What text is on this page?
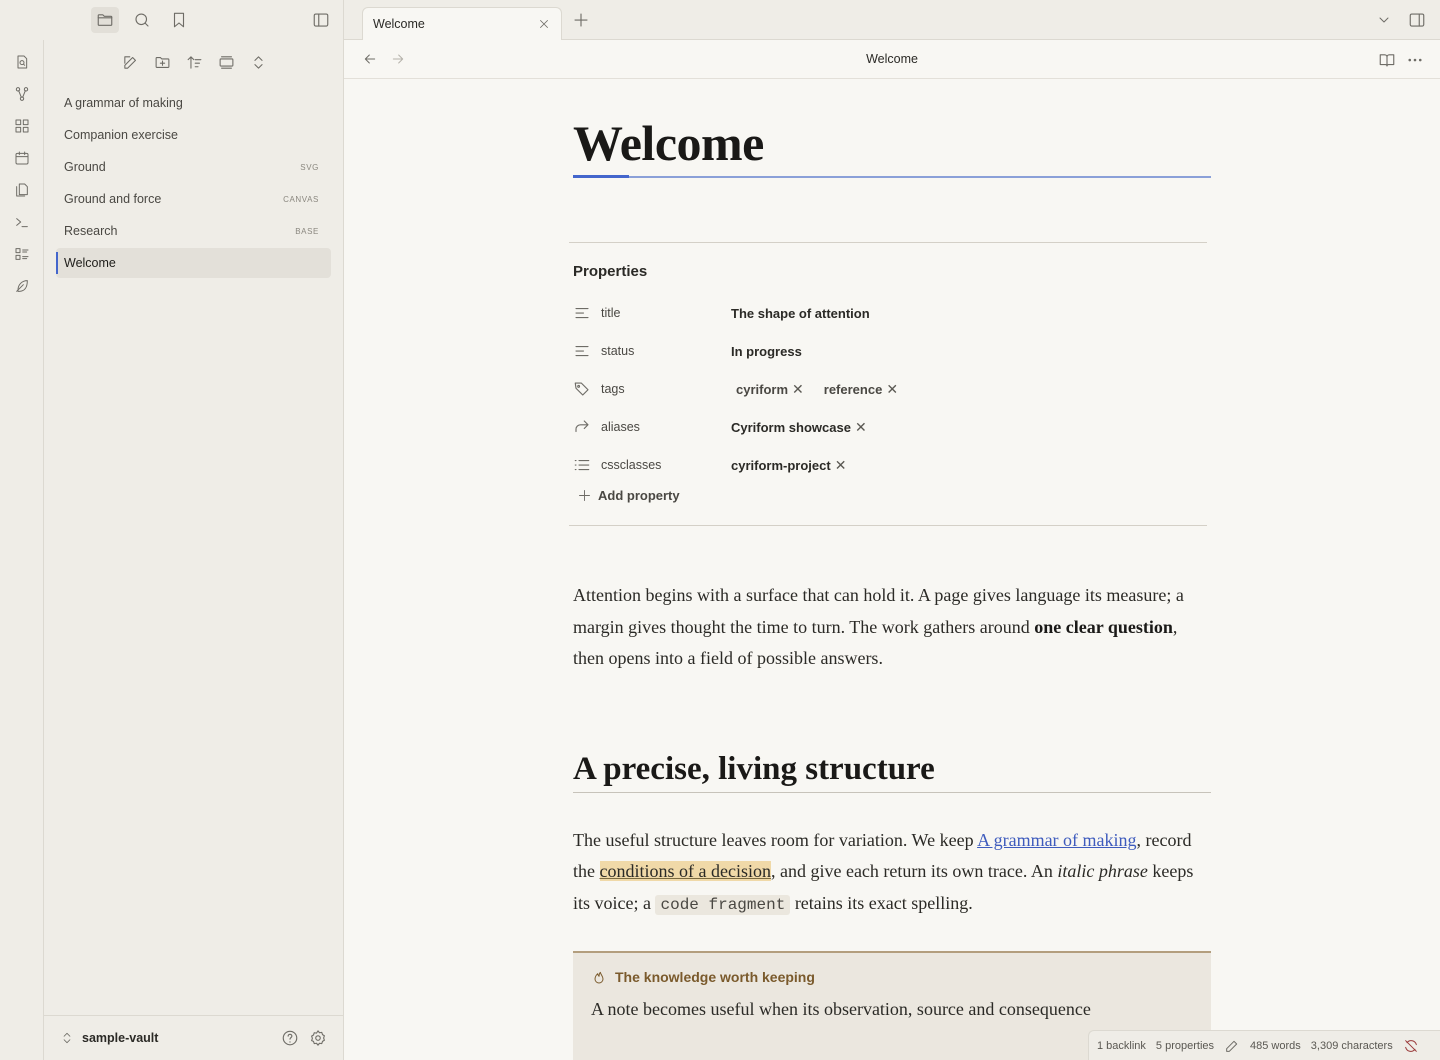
A grammar of making
Companion exercise
Ground	SVG
Ground and force	CANVAS
Research	BASE
Welcome
sample-vault
Welcome
Welcome
Welcome
Properties
title	The shape of attention
status	In progress
tags	cyriform ✕ reference ✕
aliases	Cyriform showcase ✕
cssclasses	cyriform-project ✕
Add property

Attention begins with a surface that can hold it. A page gives language its measure; a margin gives thought the time to turn. The work gathers around one clear question, then opens into a field of possible answers.

A precise, living structure

The useful structure leaves room for variation. We keep A grammar of making, record the conditions of a decision, and give each return its own trace. An italic phrase keeps its voice; a code fragment retains its exact spelling.

The knowledge worth keeping
A note becomes useful when its observation, source and consequence
1 backlink 5 properties	485 words 3,309 characters
